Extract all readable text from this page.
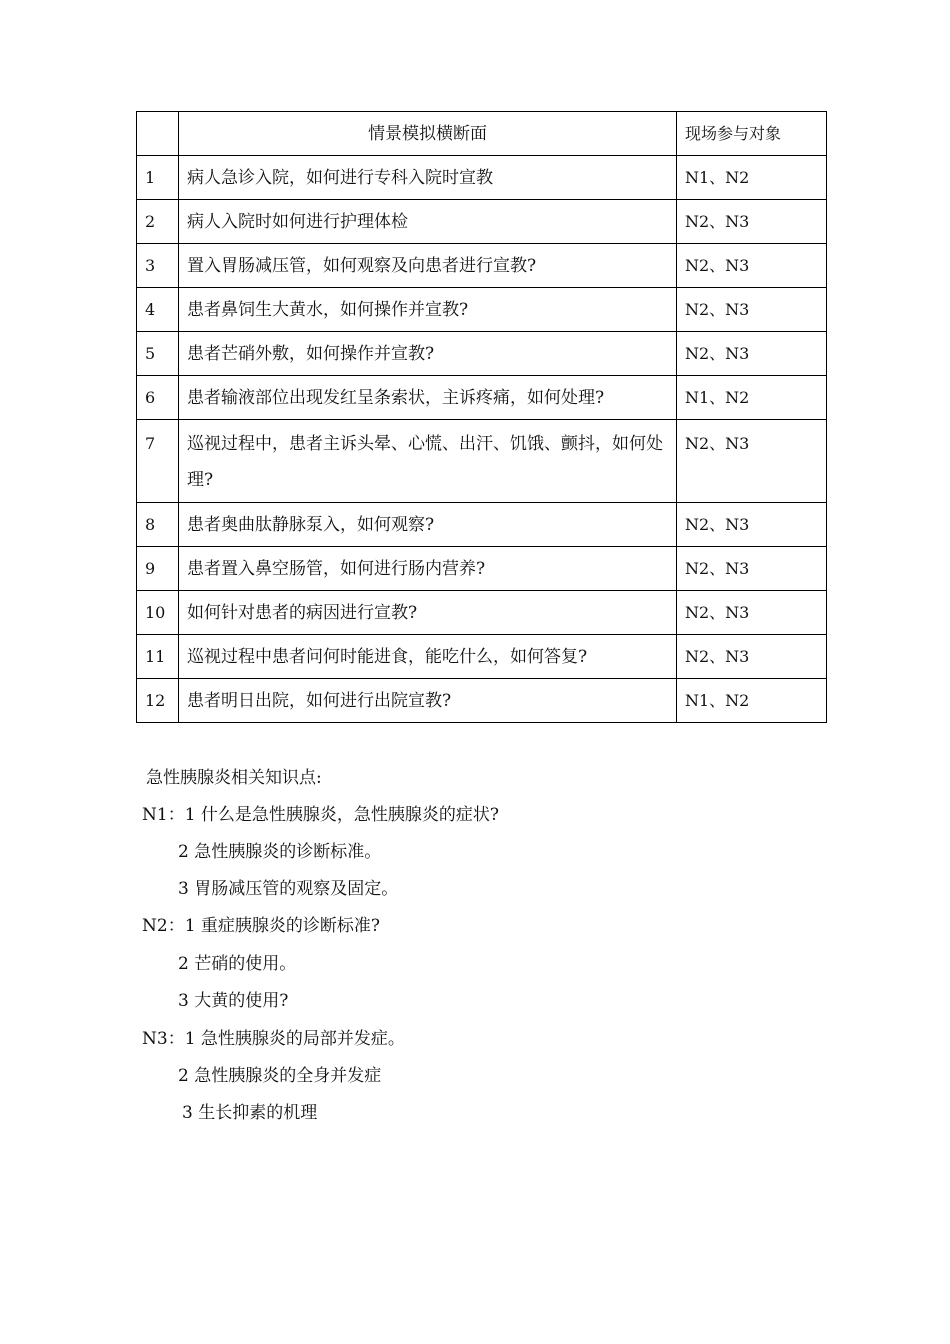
	情景模拟横断面	现场参与对象
1	病人急诊入院，如何进行专科入院时宣教	N1、N2
2	病人入院时如何进行护理体检	N2、N3
3	置入胃肠减压管，如何观察及向患者进行宣教?	N2、N3
4	患者鼻饲生大黄水，如何操作并宣教?	N2、N3
5	患者芒硝外敷，如何操作并宣教?	N2、N3
6	患者输液部位出现发红呈条索状，主诉疼痛，如何处理?	N1、N2
7	巡视过程中，患者主诉头晕、心慌、出汗、饥饿、颤抖，如何处理?	N2、N3
8	患者奥曲肽静脉泵入，如何观察?	N2、N3
9	患者置入鼻空肠管，如何进行肠内营养?	N2、N3
10	如何针对患者的病因进行宣教?	N2、N3
11	巡视过程中患者问何时能进食，能吃什么，如何答复?	N2、N3
12	患者明日出院，如何进行出院宣教?	N1、N2
急性胰腺炎相关知识点:
N1：1 什么是急性胰腺炎，急性胰腺炎的症状?
2 急性胰腺炎的诊断标准。
3 胃肠减压管的观察及固定。
N2：1 重症胰腺炎的诊断标准?
2 芒硝的使用。
3 大黄的使用?
N3：1 急性胰腺炎的局部并发症。
2 急性胰腺炎的全身并发症
3 生长抑素的机理
